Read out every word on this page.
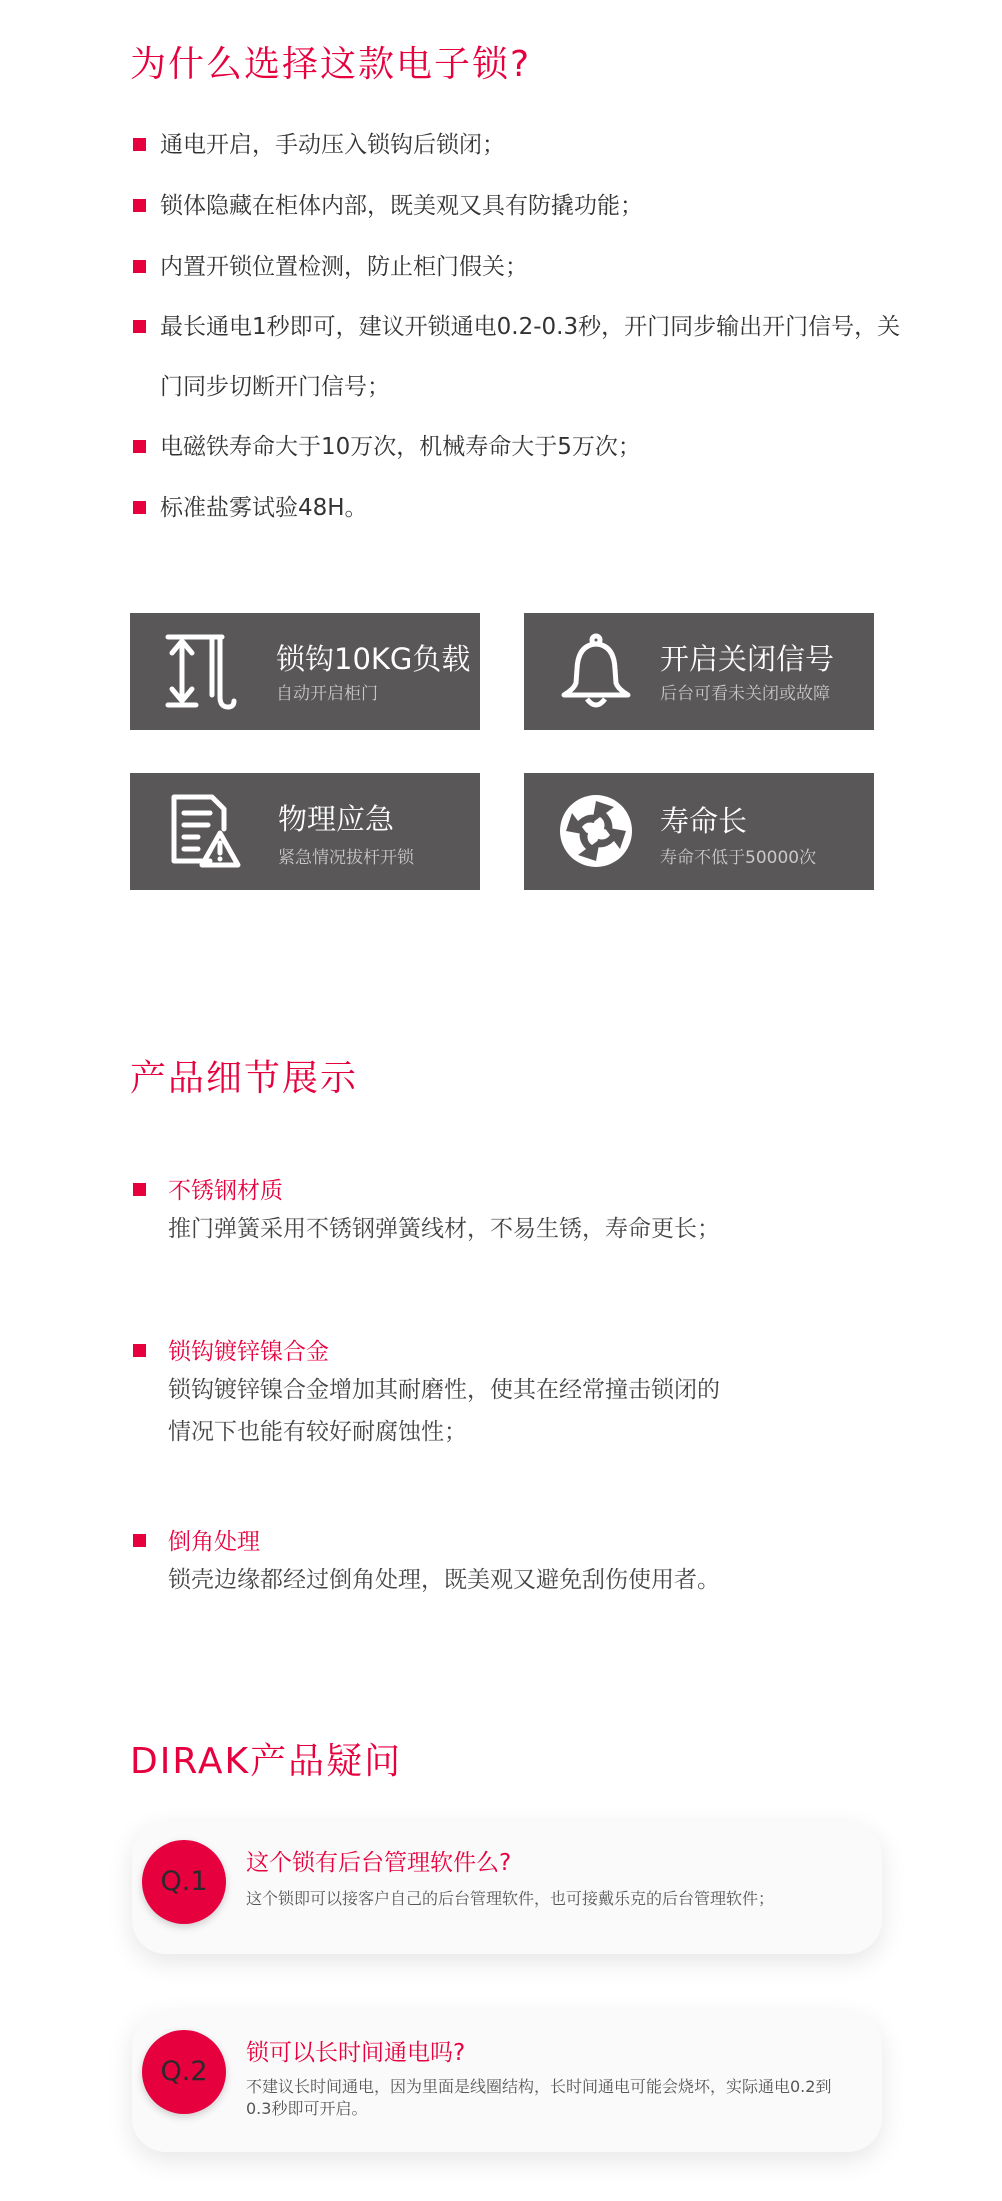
为什么选择这款电子锁?
通电开启，手动压入锁钩后锁闭；
锁体隐藏在柜体内部，既美观又具有防撬功能；
内置开锁位置检测，防止柜门假关；
最长通电1秒即可，建议开锁通电0.2-0.3秒，开门同步输出开门信号，关
门同步切断开门信号；
电磁铁寿命大于10万次，机械寿命大于5万次；
标准盐雾试验48H。
锁钩10KG负载
自动开启柜门
开启关闭信号
后台可看未关闭或故障
物理应急
紧急情况拔杆开锁
寿命长
寿命不低于50000次
产品细节展示
不锈钢材质
推门弹簧采用不锈钢弹簧线材，不易生锈，寿命更长；
锁钩镀锌镍合金
锁钩镀锌镍合金增加其耐磨性，使其在经常撞击锁闭的
情况下也能有较好耐腐蚀性；
倒角处理
锁壳边缘都经过倒角处理，既美观又避免刮伤使用者。
DIRAK产品疑问
Q.1
这个锁有后台管理软件么?
这个锁即可以接客户自己的后台管理软件，也可接戴乐克的后台管理软件；
Q.2
锁可以长时间通电吗?
不建议长时间通电，因为里面是线圈结构，长时间通电可能会烧坏，实际通电0.2到0.3秒即可开启。
